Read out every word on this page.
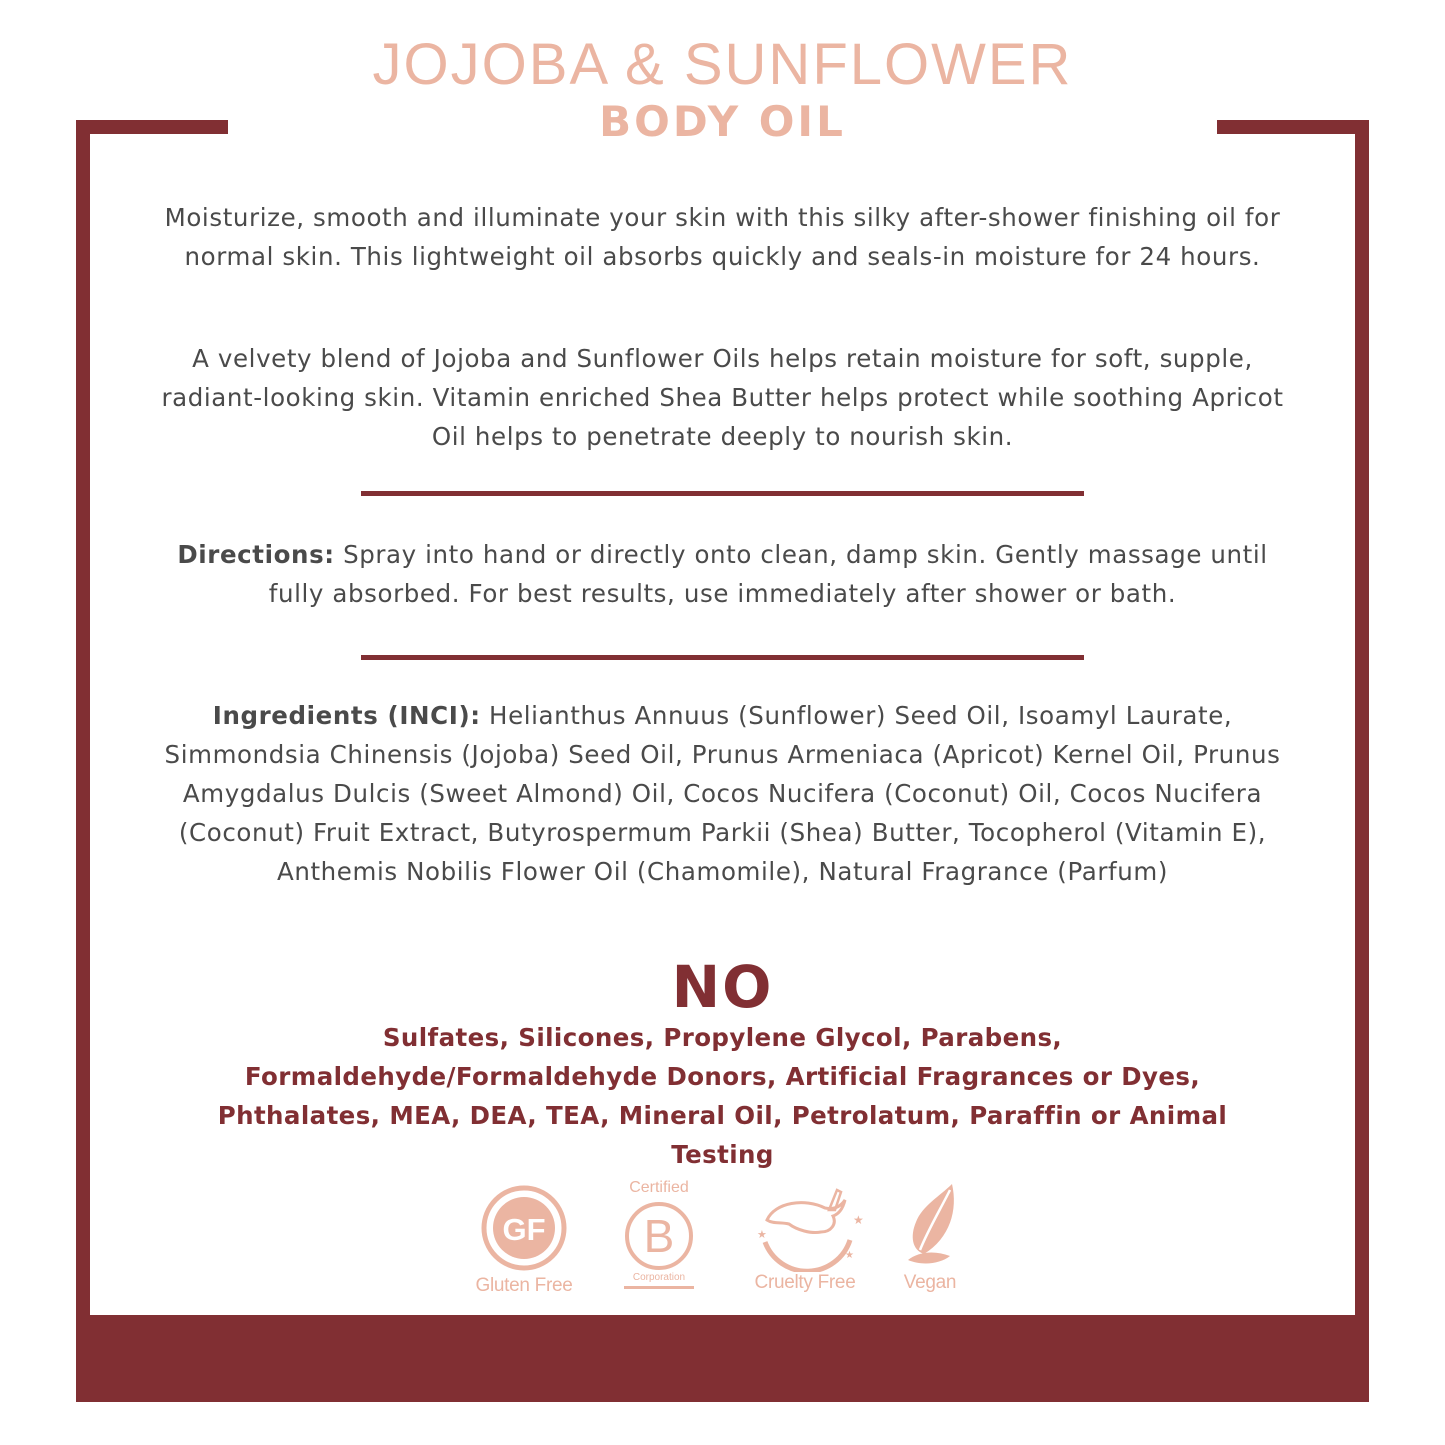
JOJOBA & SUNFLOWER
BODY OIL

Moisturize, smooth and illuminate your skin with this silky after-shower finishing oil for normal skin. This lightweight oil absorbs quickly and seals-in moisture for 24 hours.

A velvety blend of Jojoba and Sunflower Oils helps retain moisture for soft, supple, radiant-looking skin. Vitamin enriched Shea Butter helps protect while soothing Apricot Oil helps to penetrate deeply to nourish skin.

Directions: Spray into hand or directly onto clean, damp skin. Gently massage until fully absorbed. For best results, use immediately after shower or bath.

Ingredients (INCI): Helianthus Annuus (Sunflower) Seed Oil, Isoamyl Laurate, Simmondsia Chinensis (Jojoba) Seed Oil, Prunus Armeniaca (Apricot) Kernel Oil, Prunus Amygdalus Dulcis (Sweet Almond) Oil, Cocos Nucifera (Coconut) Oil, Cocos Nucifera (Coconut) Fruit Extract, Butyrospermum Parkii (Shea) Butter, Tocopherol (Vitamin E), Anthemis Nobilis Flower Oil (Chamomile), Natural Fragrance (Parfum)

NO

Sulfates, Silicones, Propylene Glycol, Parabens, Formaldehyde/Formaldehyde Donors, Artificial Fragrances or Dyes, Phthalates, MEA, DEA, TEA, Mineral Oil, Petrolatum, Paraffin or Animal Testing

GF
Gluten Free
Certified
B
Corporation
★
★
★
Cruelty Free	Vegan
